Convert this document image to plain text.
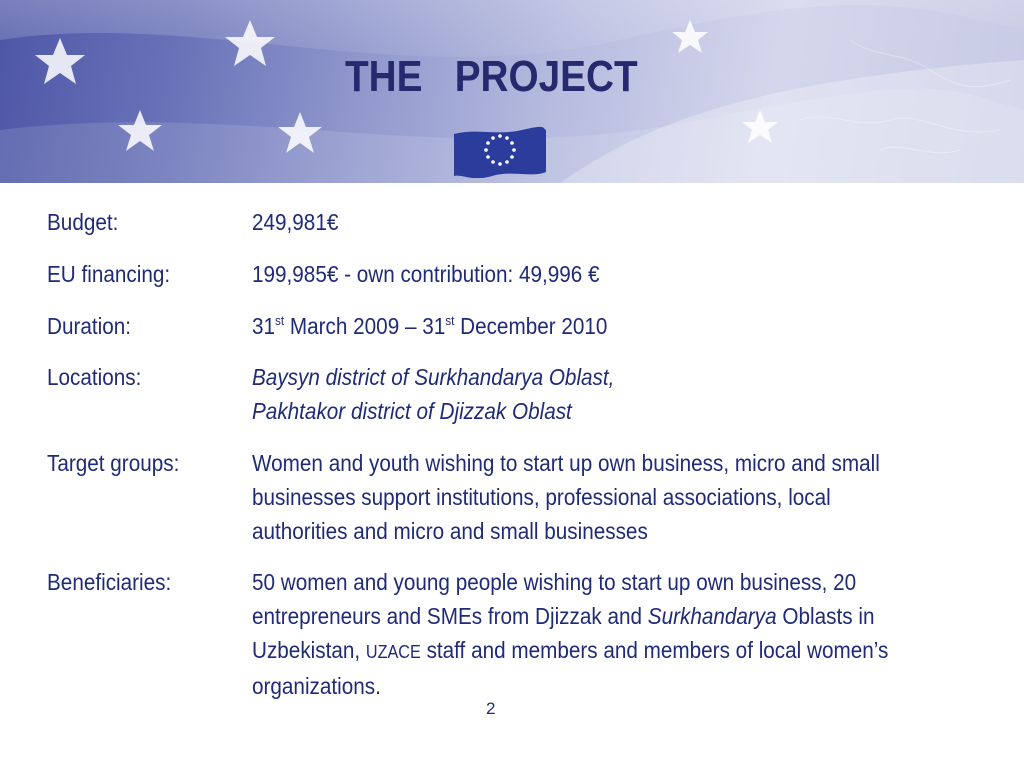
THE   PROJECT
Budget:	249,981€
EU financing:	199,985€ - own contribution: 49,996 €
Duration:	31st March 2009 – 31st December 2010
Locations:	Baysyn district of Surkhandarya Oblast,
Pakhtakor district of Djizzak Oblast
Target groups:	Women and youth wishing to start up own business, micro and small
businesses support institutions, professional associations, local
authorities and micro and small businesses
Beneficiaries:	50 women and young people wishing to start up own business, 20
entrepreneurs and SMEs from Djizzak and Surkhandarya Oblasts in
Uzbekistan, UZACE staff and members and members of local women’s
organizations.
2
